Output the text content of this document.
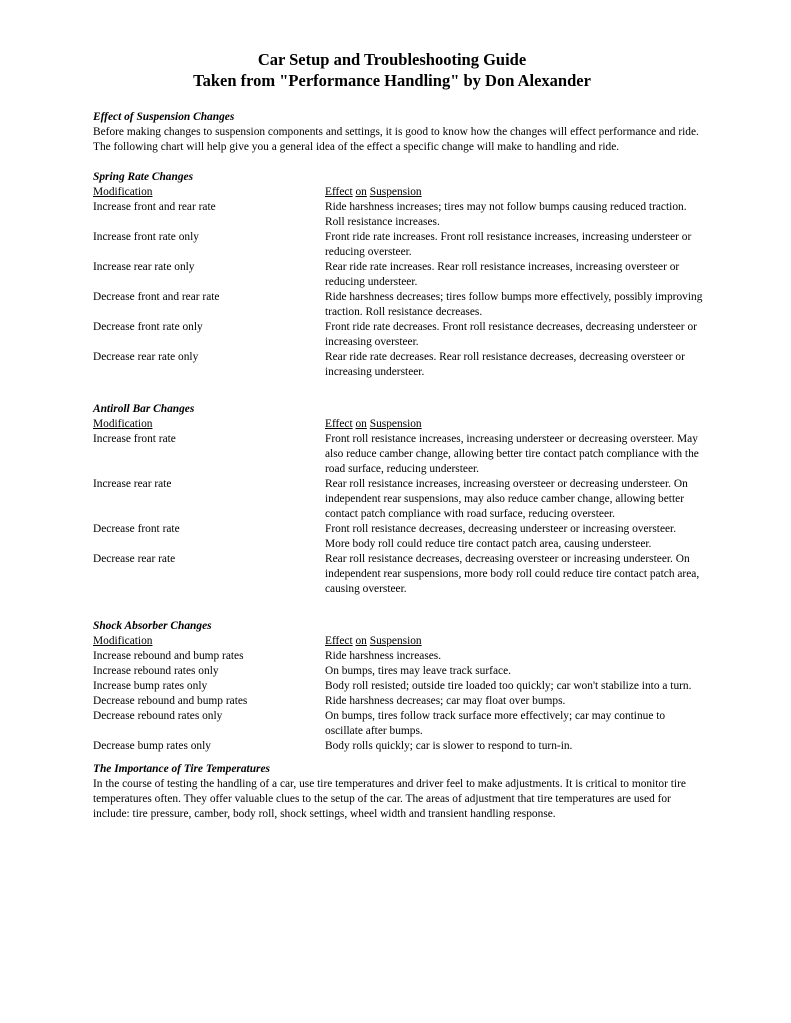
Car Setup and Troubleshooting Guide
Taken from "Performance Handling" by Don Alexander
Effect of Suspension Changes

Before making changes to suspension components and settings, it is good to know how the changes will effect performance and ride. The following chart will help give you a general idea of the effect a specific change will make to handling and ride.

Spring Rate Changes
Modification	Effect on Suspension
Increase front and rear rate	Ride harshness increases; tires may not follow bumps causing reduced traction. Roll resistance increases.
Increase front rate only	Front ride rate increases. Front roll resistance increases, increasing understeer or reducing oversteer.
Increase rear rate only	Rear ride rate increases. Rear roll resistance increases, increasing oversteer or reducing understeer.
Decrease front and rear rate	Ride harshness decreases; tires follow bumps more effectively, possibly improving traction. Roll resistance decreases.
Decrease front rate only	Front ride rate decreases. Front roll resistance decreases, decreasing understeer or increasing oversteer.
Decrease rear rate only	Rear ride rate decreases. Rear roll resistance decreases, decreasing oversteer or increasing understeer.
Antiroll Bar Changes
Modification	Effect on Suspension
Increase front rate	Front roll resistance increases, increasing understeer or decreasing oversteer. May also reduce camber change, allowing better tire contact patch compliance with the road surface, reducing understeer.
Increase rear rate	Rear roll resistance increases, increasing oversteer or decreasing understeer. On independent rear suspensions, may also reduce camber change, allowing better contact patch compliance with road surface, reducing oversteer.
Decrease front rate	Front roll resistance decreases, decreasing understeer or increasing oversteer. More body roll could reduce tire contact patch area, causing understeer.
Decrease rear rate	Rear roll resistance decreases, decreasing oversteer or increasing understeer. On independent rear suspensions, more body roll could reduce tire contact patch area, causing oversteer.
Shock Absorber Changes
Modification	Effect on Suspension
Increase rebound and bump rates	Ride harshness increases.
Increase rebound rates only	On bumps, tires may leave track surface.
Increase bump rates only	Body roll resisted; outside tire loaded too quickly; car won't stabilize into a turn.
Decrease rebound and bump rates	Ride harshness decreases; car may float over bumps.
Decrease rebound rates only	On bumps, tires follow track surface more effectively; car may continue to oscillate after bumps.
Decrease bump rates only	Body rolls quickly; car is slower to respond to turn-in.
The Importance of Tire Temperatures

In the course of testing the handling of a car, use tire temperatures and driver feel to make adjustments. It is critical to monitor tire temperatures often. They offer valuable clues to the setup of the car. The areas of adjustment that tire temperatures are used for include: tire pressure, camber, body roll, shock settings, wheel width and transient handling response.
